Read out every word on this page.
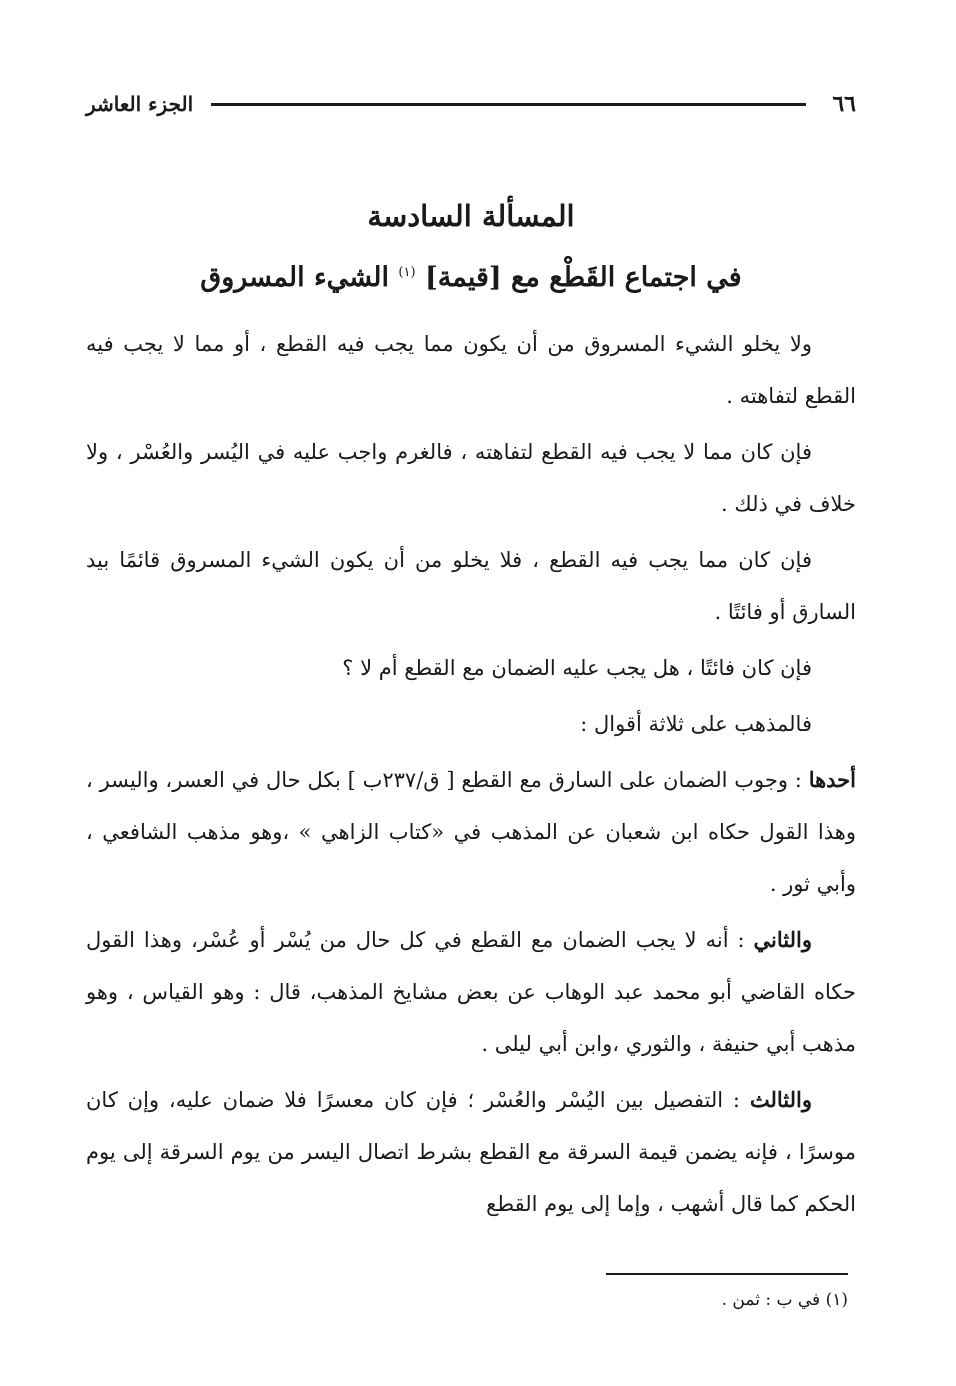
٦٦
الجزء العاشر
المسألة السادسة
في اجتماع القَطْع مع [قيمة] $^{(١)}$ الشيء المسروق

ولا يخلو الشيء المسروق من أن يكون مما يجب فيه القطع ، أو مما لا يجب فيه القطع لتفاهته .

فإن كان مما لا يجب فيه القطع لتفاهته ، فالغرم واجب عليه في اليُسر والعُسْر ، ولا خلاف في ذلك .

فإن كان مما يجب فيه القطع ، فلا يخلو من أن يكون الشيء المسروق قائمًا بيد السارق أو فائتًا .

فإن كان فائتًا ، هل يجب عليه الضمان مع القطع أم لا ؟

فالمذهب على ثلاثة أقوال :

أحدها : وجوب الضمان على السارق مع القطع [ ق/٢٣٧ب ] بكل حال في العسر، واليسر ، وهذا القول حكاه ابن شعبان عن المذهب في «كتاب الزاهي » ،وهو مذهب الشافعي ، وأبي ثور .

والثاني : أنه لا يجب الضمان مع القطع في كل حال من يُسْر أو عُسْر، وهذا القول حكاه القاضي أبو محمد عبد الوهاب عن بعض مشايخ المذهب، قال : وهو القياس ، وهو مذهب أبي حنيفة ، والثوري ،وابن أبي ليلى .

والثالث : التفصيل بين اليُسْر والعُسْر ؛ فإن كان معسرًا فلا ضمان عليه، وإن كان موسرًا ، فإنه يضمن قيمة السرقة مع القطع بشرط اتصال اليسر من يوم السرقة إلى يوم الحكم كما قال أشهب ، وإما إلى يوم القطع

(١) في ب : ثمن .
